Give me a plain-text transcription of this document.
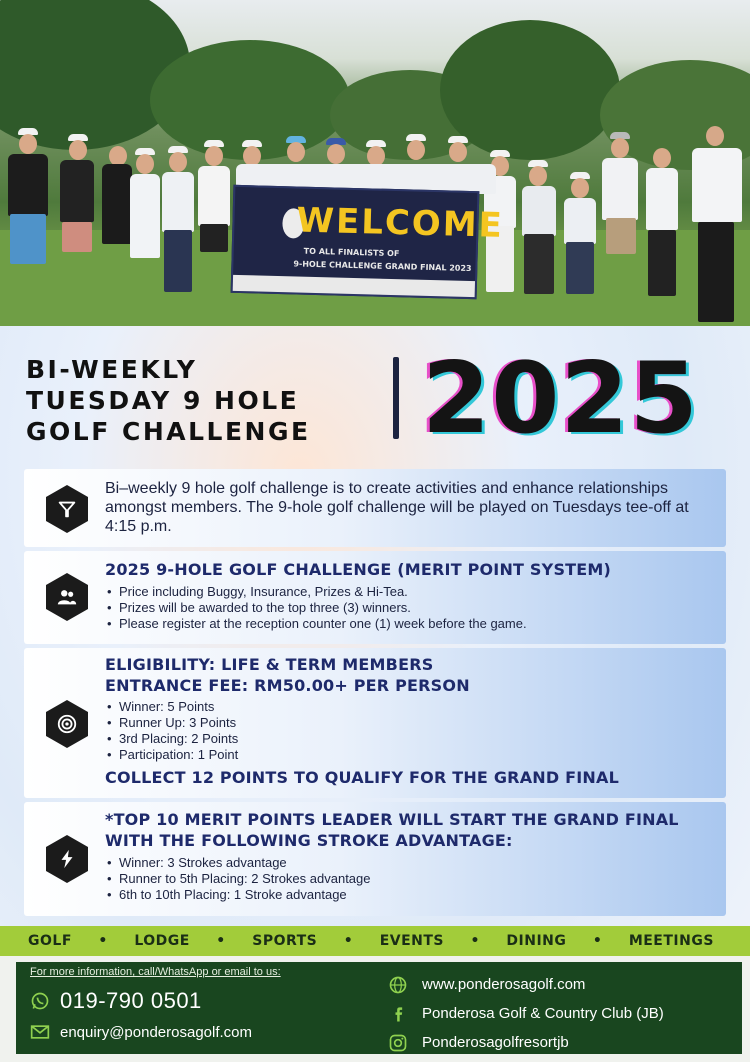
WELCOME
TO ALL FINALISTS OF
9-HOLE CHALLENGE GRAND FINAL 2023
BI-WEEKLY
TUESDAY 9 HOLE
GOLF CHALLENGE 2025

Bi–weekly 9 hole golf challenge is to create activities and enhance relationships amongst members. The 9-hole golf challenge will be played on Tuesdays tee-off at 4:15 p.m.

2025 9-HOLE GOLF CHALLENGE (MERIT POINT SYSTEM)
• Price including Buggy, Insurance, Prizes & Hi-Tea.
• Prizes will be awarded to the top three (3) winners.
• Please register at the reception counter one (1) week before the game.
ELIGIBILITY: LIFE & TERM MEMBERS
ENTRANCE FEE: RM50.00+ PER PERSON
• Winner: 5 Points
• Runner Up: 3 Points
• 3rd Placing: 2 Points
• Participation: 1 Point
COLLECT 12 POINTS TO QUALIFY FOR THE GRAND FINAL
*TOP 10 MERIT POINTS LEADER WILL START THE GRAND FINAL
WITH THE FOLLOWING STROKE ADVANTAGE:
• Winner: 3 Strokes advantage
• Runner to 5th Placing: 2 Strokes advantage
• 6th to 10th Placing: 1 Stroke advantage
GOLF • LODGE • SPORTS • EVENTS • DINING • MEETINGS
For more information, call/WhatsApp or email to us:
019-790 0501
enquiry@ponderosagolf.com
www.ponderosagolf.com
Ponderosa Golf & Country Club (JB)
Ponderosagolfresortjb
